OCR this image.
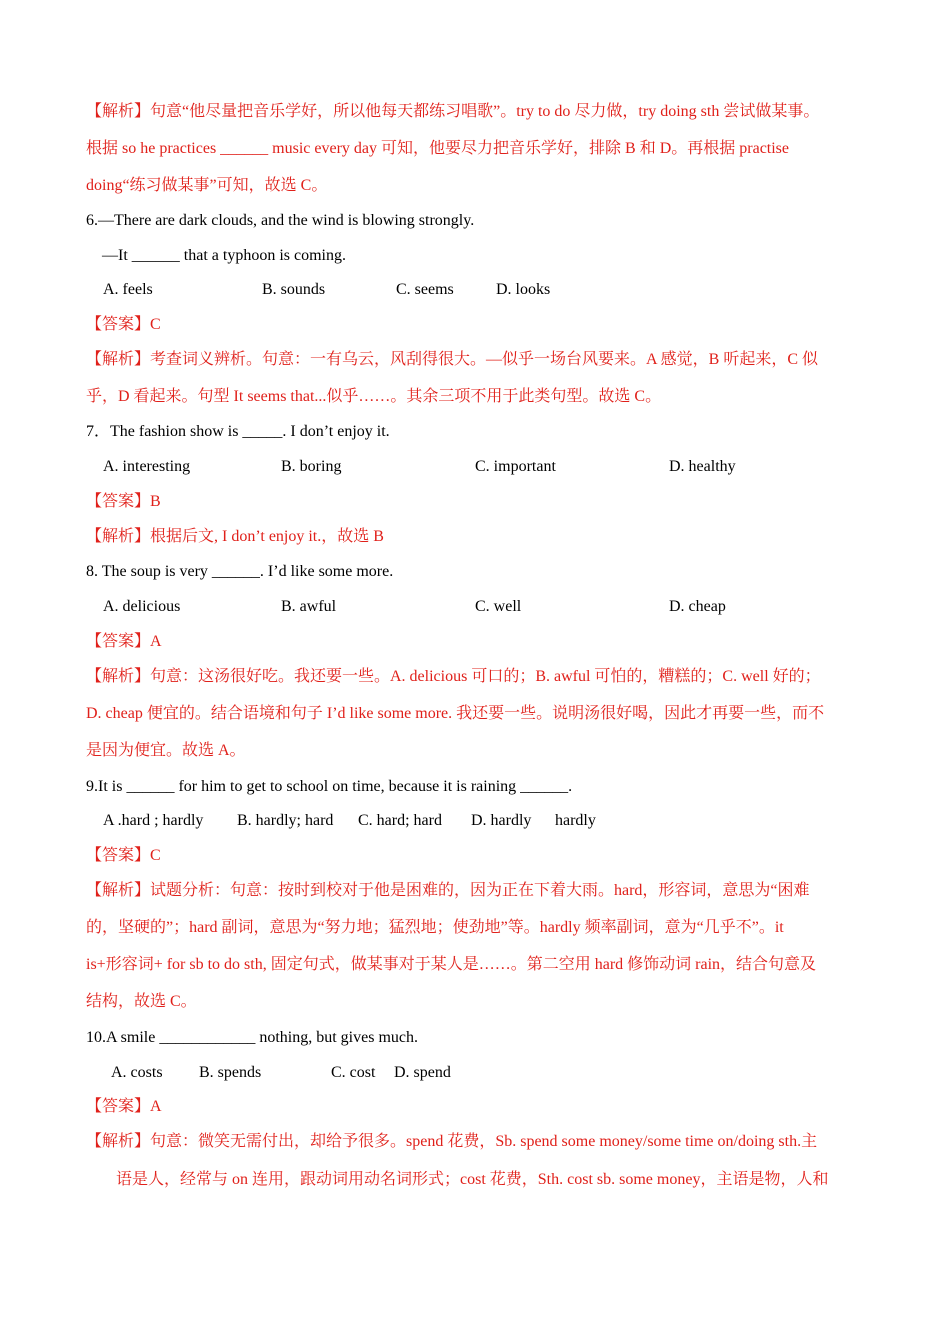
【解析】句意“他尽量把音乐学好，所以他每天都练习唱歌”。try to do 尽力做，try doing sth 尝试做某事。
根据 so he practices ______ music every day 可知，他要尽力把音乐学好，排除 B 和 D。再根据 practise
doing“练习做某事”可知，故选 C。
6.—There are dark clouds, and the wind is blowing strongly.
—It ______ that a typhoon is coming.
A. feels	B. sounds	C. seems	D. looks
【答案】C
【解析】考查词义辨析。句意：一有乌云，风刮得很大。—似乎一场台风要来。A 感觉，B 听起来，C 似
乎，D 看起来。句型 It seems that...似乎……。其余三项不用于此类句型。故选 C。
7．The fashion show is _____. I don’t enjoy it.
A. interesting	B. boring	C. important	D. healthy
【答案】B
【解析】根据后文, I don’t enjoy it.，故选 B
8. The soup is very ______. I’d like some more.
A. delicious	B. awful	C. well	D. cheap
【答案】A
【解析】句意：这汤很好吃。我还要一些。A. delicious 可口的；B. awful 可怕的，糟糕的；C. well 好的；
D. cheap 便宜的。结合语境和句子 I’d like some more. 我还要一些。说明汤很好喝，因此才再要一些，而不
是因为便宜。故选 A。
9.It is ______ for him to get to school on time, because it is raining ______.
A .hard ; hardly B. hardly; hard C. hard; hard D. hardly hardly
【答案】C
【解析】试题分析：句意：按时到校对于他是困难的，因为正在下着大雨。hard，形容词，意思为“困难
的，坚硬的”；hard 副词，意思为“努力地；猛烈地；使劲地”等。hardly 频率副词，意为“几乎不”。it
is+形容词+ for sb to do sth, 固定句式，做某事对于某人是……。第二空用 hard 修饰动词 rain，结合句意及
结构，故选 C。
10.A smile ____________ nothing, but gives much.
A. costs B. spends	C. cost D. spend
【答案】A
【解析】句意：微笑无需付出，却给予很多。spend 花费，Sb. spend some money/some time on/doing sth.主
语是人，经常与 on 连用，跟动词用动名词形式；cost 花费，Sth. cost sb. some money，主语是物，人和
